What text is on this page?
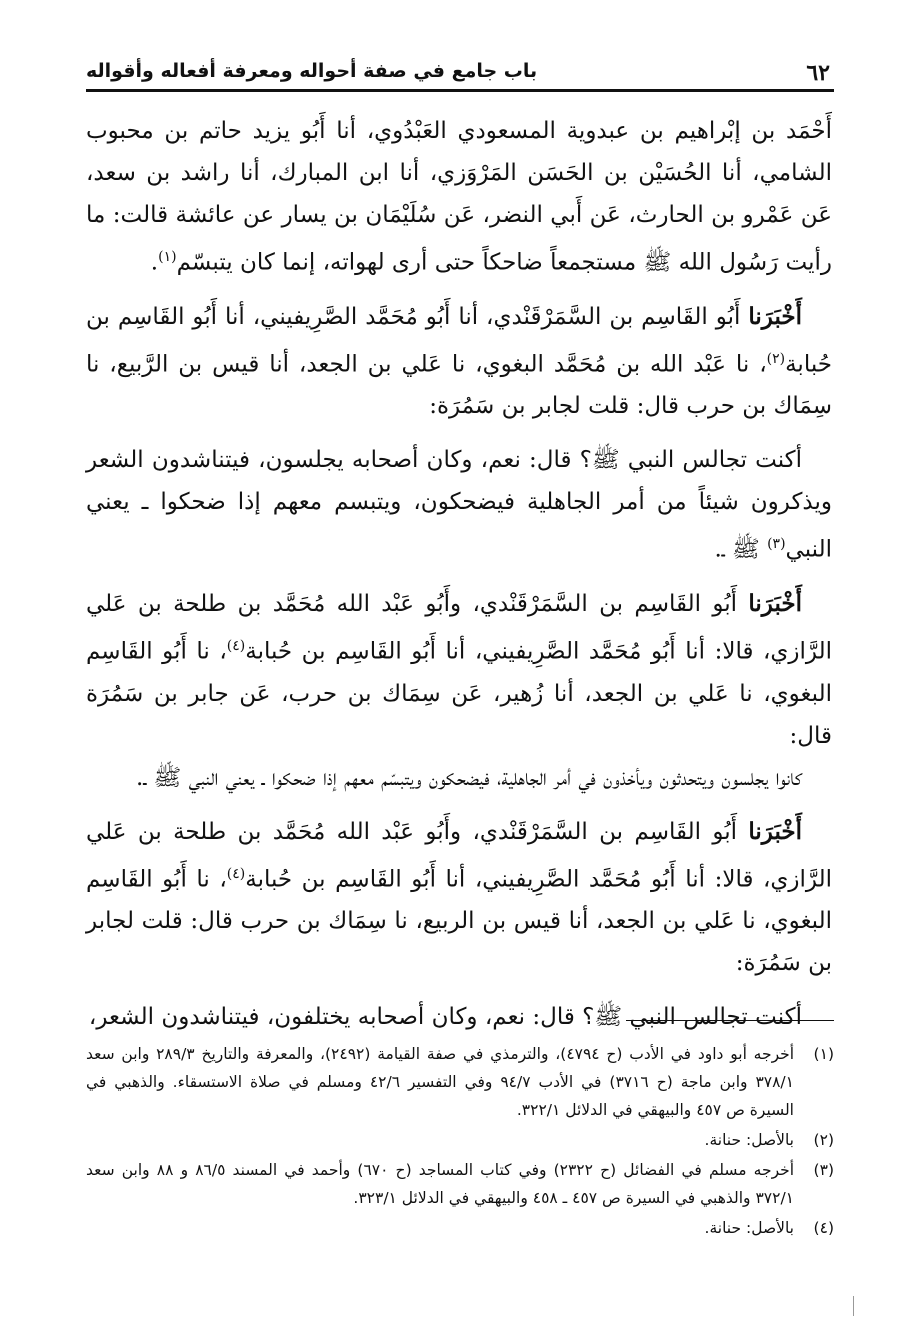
٦٢
باب جامع في صفة أحواله ومعرفة أفعاله وأقواله

أَحْمَد بن إبْراهيم بن عبدوية المسعودي العَبْدُوي، أنا أَبُو يزيد حاتم بن محبوب الشامي، أنا الحُسَيْن بن الحَسَن المَرْوَزي، أنا ابن المبارك، أنا راشد بن سعد، عَن عَمْرو بن الحارث، عَن أَبي النضر، عَن سُلَيْمَان بن يسار عن عائشة قالت: ما رأيت رَسُول الله ﷺ مستجمعاً ضاحكاً حتى أرى لهواته، إنما كان يتبسّم$^{(١)}$.

أَخْبَرَنا أَبُو القَاسِم بن السَّمَرْقَنْدي، أنا أَبُو مُحَمَّد الصَّرِيفيني، أنا أَبُو القَاسِم بن حُبابة$^{(٢)}$، نا عَبْد الله بن مُحَمَّد البغوي، نا عَلي بن الجعد، أنا قيس بن الرَّبيع، نا سِمَاك بن حرب قال: قلت لجابر بن سَمُرَة:

أكنت تجالس النبي ﷺ؟ قال: نعم، وكان أصحابه يجلسون، فيتناشدون الشعر ويذكرون شيئاً من أمر الجاهلية فيضحكون، ويتبسم معهم إذا ضحكوا ـ يعني النبي$^{(٣)}$ ﷺ ـ.

أَخْبَرَنا أَبُو القَاسِم بن السَّمَرْقَنْدي، وأَبُو عَبْد الله مُحَمَّد بن طلحة بن عَلي الرَّازي، قالا: أنا أَبُو مُحَمَّد الصَّرِيفيني، أنا أَبُو القَاسِم بن حُبابة$^{(٤)}$، نا أَبُو القَاسِم البغوي، نا عَلي بن الجعد، أنا زُهير، عَن سِمَاك بن حرب، عَن جابر بن سَمُرَة قال:

كانوا يجلسون ويتحدثون ويأخذون في أمر الجاهلية، فيضحكون ويتبسّم معهم إذا ضحكوا ـ يعني النبي ﷺ ـ.

أَخْبَرَنا أَبُو القَاسِم بن السَّمَرْقَنْدي، وأَبُو عَبْد الله مُحَمَّد بن طلحة بن عَلي الرَّازي، قالا: أنا أَبُو مُحَمَّد الصَّرِيفيني، أنا أَبُو القَاسِم بن حُبابة$^{(٤)}$، نا أَبُو القَاسِم البغوي، نا عَلي بن الجعد، أنا قيس بن الربيع، نا سِمَاك بن حرب قال: قلت لجابر بن سَمُرَة:

أكنت تجالس النبي ﷺ؟ قال: نعم، وكان أصحابه يختلفون، فيتناشدون الشعر،

(١)
أخرجه أبو داود في الأدب (ح ٤٧٩٤)، والترمذي في صفة القيامة (٢٤٩٢)، والمعرفة والتاريخ ٢٨٩/٣ وابن سعد ٣٧٨/١ وابن ماجة (ح ٣٧١٦) في الأدب ٩٤/٧ وفي التفسير ٤٢/٦ ومسلم في صلاة الاستسقاء. والذهبي في السيرة ص ٤٥٧ والبيهقي في الدلائل ٣٢٢/١.
(٢)
بالأصل: حنانة.
(٣)
أخرجه مسلم في الفضائل (ح ٢٣٢٢) وفي كتاب المساجد (ح ٦٧٠) وأحمد في المسند ٨٦/٥ و ٨٨ وابن سعد ٣٧٢/١ والذهبي في السيرة ص ٤٥٧ ـ ٤٥٨ والبيهقي في الدلائل ٣٢٣/١.
(٤)
بالأصل: حنانة.
